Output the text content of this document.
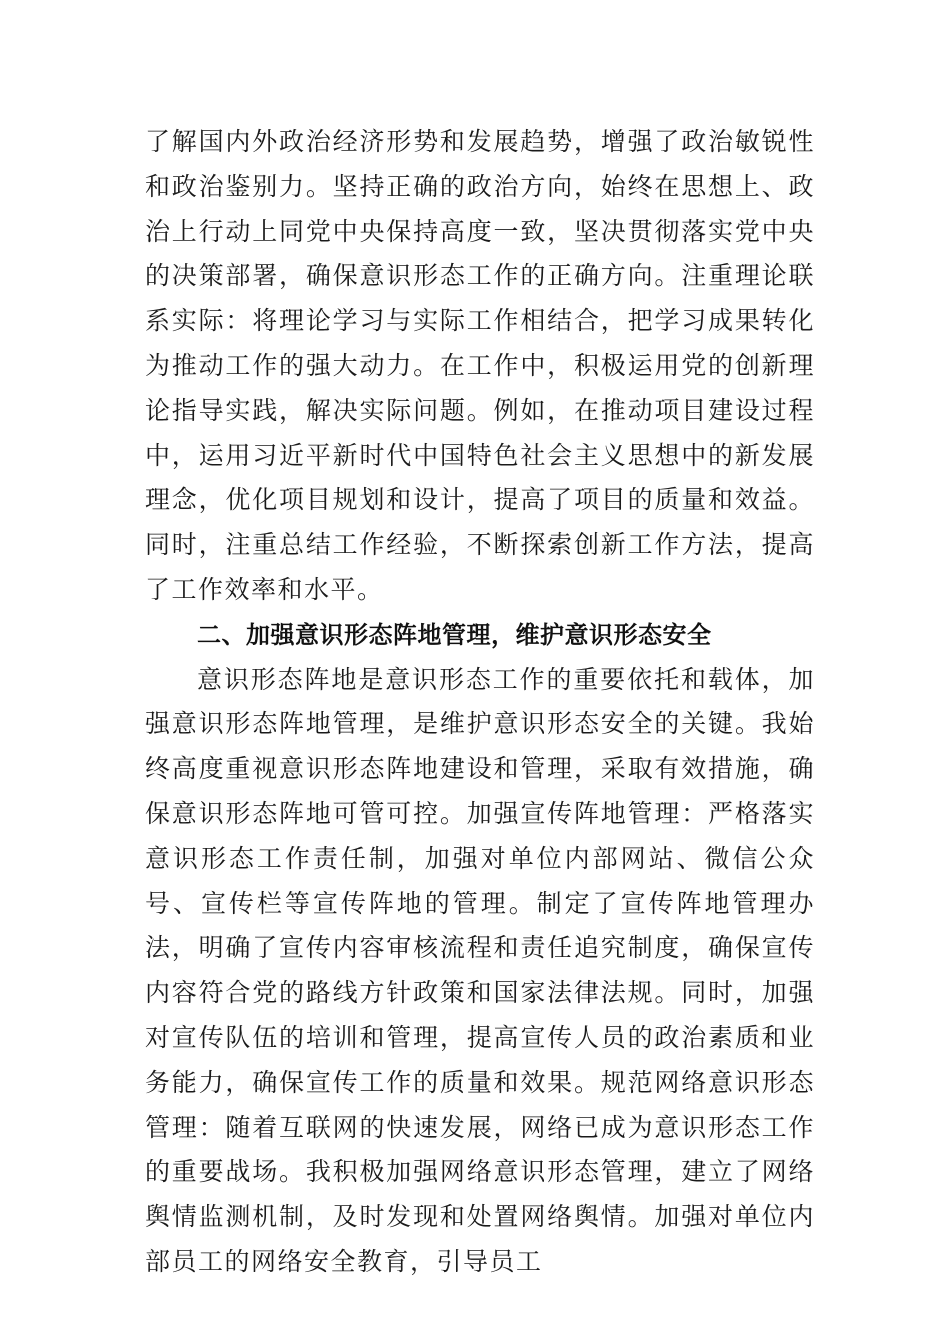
了解国内外政治经济形势和发展趋势，增强了政治敏锐性和政治鉴别力。坚持正确的政治方向，始终在思想上、政治上行动上同党中央保持高度一致，坚决贯彻落实党中央的决策部署，确保意识形态工作的正确方向。注重理论联系实际：将理论学习与实际工作相结合，把学习成果转化为推动工作的强大动力。在工作中，积极运用党的创新理论指导实践，解决实际问题。例如，在推动项目建设过程中，运用习近平新时代中国特色社会主义思想中的新发展理念，优化项目规划和设计，提高了项目的质量和效益。同时，注重总结工作经验，不断探索创新工作方法，提高了工作效率和水平。

二、加强意识形态阵地管理，维护意识形态安全

意识形态阵地是意识形态工作的重要依托和载体，加强意识形态阵地管理，是维护意识形态安全的关键。我始终高度重视意识形态阵地建设和管理，采取有效措施，确保意识形态阵地可管可控。加强宣传阵地管理：严格落实意识形态工作责任制，加强对单位内部网站、微信公众号、宣传栏等宣传阵地的管理。制定了宣传阵地管理办法，明确了宣传内容审核流程和责任追究制度，确保宣传内容符合党的路线方针政策和国家法律法规。同时，加强对宣传队伍的培训和管理，提高宣传人员的政治素质和业务能力，确保宣传工作的质量和效果。规范网络意识形态管理：随着互联网的快速发展，网络已成为意识形态工作的重要战场。我积极加强网络意识形态管理，建立了网络舆情监测机制，及时发现和处置网络舆情。加强对单位内部员工的网络安全教育，引导员工
